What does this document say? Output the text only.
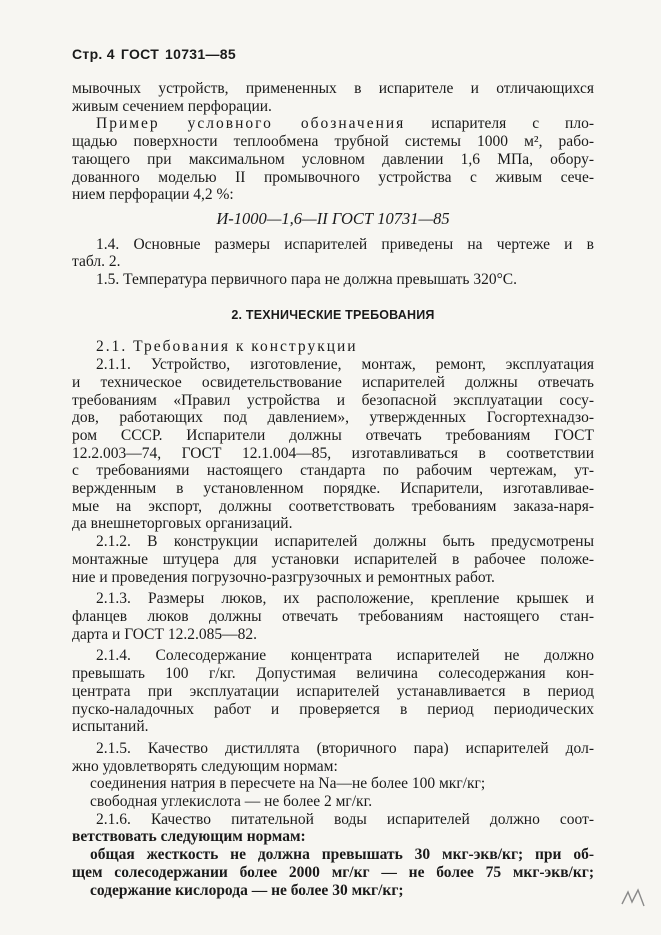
Стр. 4 ГОСТ 10731—85
мывочных устройств, примененных в испарителе и отличающихся
живым сечением перфорации.
Пример условного обозначения испарителя с пло-
щадью поверхности теплообмена трубной системы 1000 м², рабо-
тающего при максимальном условном давлении 1,6 МПа, обору-
дованного моделью II промывочного устройства с живым сече-
нием перфорации 4,2 %:
И-1000—1,6—II ГОСТ 10731—85
1.4. Основные размеры испарителей приведены на чертеже и в
табл. 2.
1.5. Температура первичного пара не должна превышать 320°С.
2. ТЕХНИЧЕСКИЕ ТРЕБОВАНИЯ
2.1. Требования к конструкции
2.1.1. Устройство, изготовление, монтаж, ремонт, эксплуатация
и техническое освидетельствование испарителей должны отвечать
требованиям «Правил устройства и безопасной эксплуатации сосу-
дов, работающих под давлением», утвержденных Госгортехнадзо-
ром СССР. Испарители должны отвечать требованиям ГОСТ
12.2.003—74, ГОСТ 12.1.004—85, изготавливаться в соответствии
с требованиями настоящего стандарта по рабочим чертежам, ут-
вержденным в установленном порядке. Испарители, изготавливае-
мые на экспорт, должны соответствовать требованиям заказа-наря-
да внешнеторговых организаций.
2.1.2. В конструкции испарителей должны быть предусмотрены
монтажные штуцера для установки испарителей в рабочее положе-
ние и проведения погрузочно-разгрузочных и ремонтных работ.
2.1.3. Размеры люков, их расположение, крепление крышек и
фланцев люков должны отвечать требованиям настоящего стан-
дарта и ГОСТ 12.2.085—82.
2.1.4. Солесодержание концентрата испарителей не должно
превышать 100 г/кг. Допустимая величина солесодержания кон-
центрата при эксплуатации испарителей устанавливается в период
пуско-наладочных работ и проверяется в период периодических
испытаний.
2.1.5. Качество дистиллята (вторичного пара) испарителей дол-
жно удовлетворять следующим нормам:
соединения натрия в пересчете на Na—не более 100 мкг/кг;
свободная углекислота — не более 2 мг/кг.
2.1.6. Качество питательной воды испарителей должно соот-
ветствовать следующим нормам:
общая жесткость не должна превышать 30 мкг-экв/кг; при об-
щем солесодержании более 2000 мг/кг — не более 75 мкг-экв/кг;
содержание кислорода — не более 30 мкг/кг;
